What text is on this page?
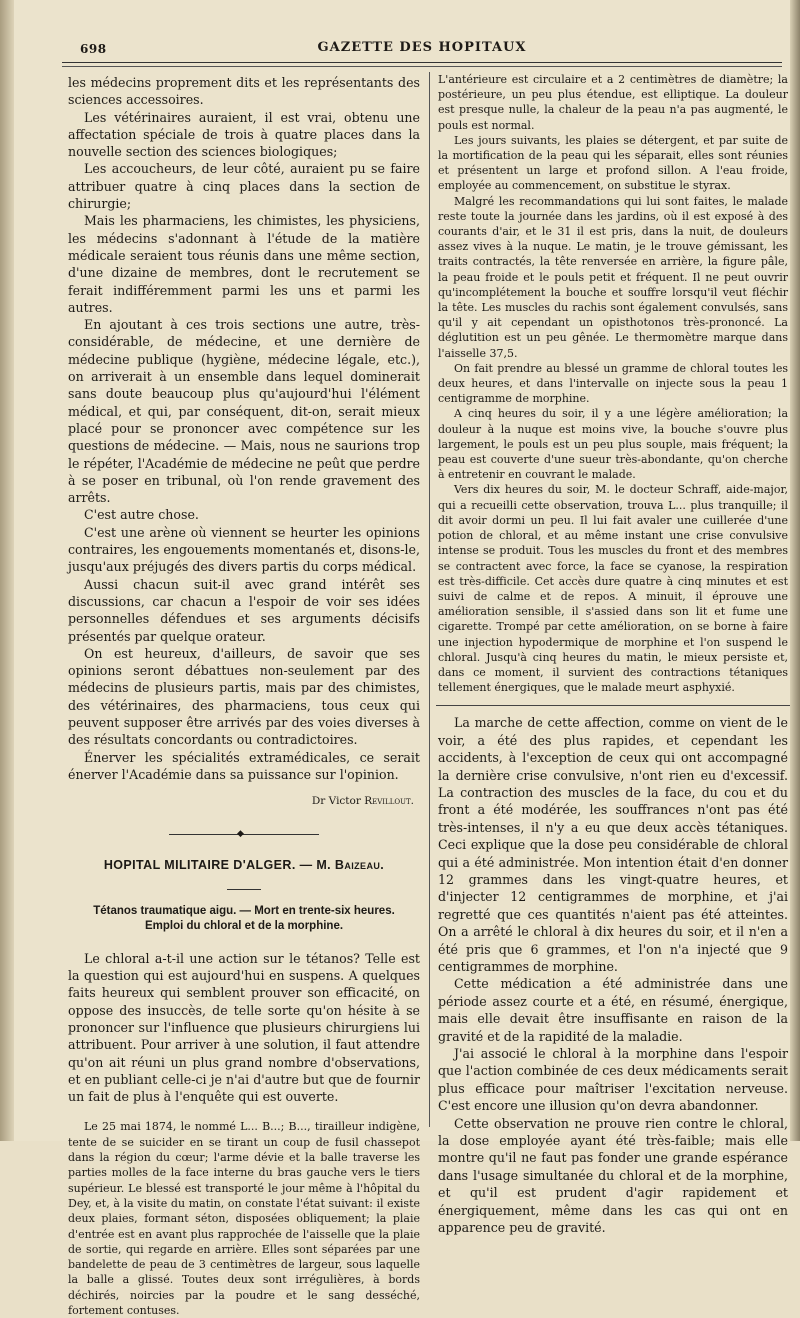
698	GAZETTE DES HOPITAUX

les médecins proprement dits et les représentants des sciences accessoires.

Les vétérinaires auraient, il est vrai, obtenu une affectation spéciale de trois à quatre places dans la nouvelle section des sciences biologiques;

Les accoucheurs, de leur côté, auraient pu se faire attribuer quatre à cinq places dans la section de chirurgie;

Mais les pharmaciens, les chimistes, les physiciens, les médecins s'adonnant à l'étude de la matière médicale seraient tous réunis dans une même section, d'une dizaine de membres, dont le recrutement se ferait indifféremment parmi les uns et parmi les autres.

En ajoutant à ces trois sections une autre, très-considérable, de médecine, et une dernière de médecine publique (hygiène, médecine légale, etc.), on arriverait à un ensemble dans lequel dominerait sans doute beaucoup plus qu'aujourd'hui l'élément médical, et qui, par conséquent, dit-on, serait mieux placé pour se prononcer avec compétence sur les questions de médecine. — Mais, nous ne saurions trop le répéter, l'Académie de médecine ne peût que perdre à se poser en tribunal, où l'on rende gravement des arrêts.

C'est autre chose.

C'est une arène où viennent se heurter les opinions contraires, les engouements momentanés et, disons-le, jusqu'aux préjugés des divers partis du corps médical.

Aussi chacun suit-il avec grand intérêt ses discussions, car chacun a l'espoir de voir ses idées personnelles défendues et ses arguments décisifs présentés par quelque orateur.

On est heureux, d'ailleurs, de savoir que ses opinions seront débattues non-seulement par des médecins de plusieurs partis, mais par des chimistes, des vétérinaires, des pharmaciens, tous ceux qui peuvent supposer être arrivés par des voies diverses à des résultats concordants ou contradictoires.

Énerver les spécialités extramédicales, ce serait énerver l'Académie dans sa puissance sur l'opinion.

Dr Victor Revillout.

◆

HOPITAL MILITAIRE D'ALGER. — M. Baizeau.

Tétanos traumatique aigu. — Mort en trente-six heures.
Emploi du chloral et de la morphine.

Le chloral a-t-il une action sur le tétanos? Telle est la question qui est aujourd'hui en suspens. A quelques faits heureux qui semblent prouver son efficacité, on oppose des insuccès, de telle sorte qu'on hésite à se prononcer sur l'influence que plusieurs chirurgiens lui attribuent. Pour arriver à une solution, il faut attendre qu'on ait réuni un plus grand nombre d'observations, et en publiant celle-ci je n'ai d'autre but que de fournir un fait de plus à l'enquête qui est ouverte.

Le 25 mai 1874, le nommé L... B...; B..., tirailleur indigène, tente de se suicider en se tirant un coup de fusil chassepot dans la région du cœur; l'arme dévie et la balle traverse les parties molles de la face interne du bras gauche vers le tiers supérieur. Le blessé est transporté le jour même à l'hôpital du Dey, et, à la visite du matin, on constate l'état suivant: il existe deux plaies, formant séton, disposées obliquement; la plaie d'entrée est en avant plus rapprochée de l'aisselle que la plaie de sortie, qui regarde en arrière. Elles sont séparées par une bandelette de peau de 3 centimètres de largeur, sous laquelle la balle a glissé. Toutes deux sont irrégulières, à bords déchirés, noircies par la poudre et le sang desséché, fortement contuses.

L'antérieure est circulaire et a 2 centimètres de diamètre; la postérieure, un peu plus étendue, est elliptique. La douleur est presque nulle, la chaleur de la peau n'a pas augmenté, le pouls est normal.

Les jours suivants, les plaies se détergent, et par suite de la mortification de la peau qui les séparait, elles sont réunies et présentent un large et profond sillon. A l'eau froide, employée au commencement, on substitue le styrax.

Malgré les recommandations qui lui sont faites, le malade reste toute la journée dans les jardins, où il est exposé à des courants d'air, et le 31 il est pris, dans la nuit, de douleurs assez vives à la nuque. Le matin, je le trouve gémissant, les traits contractés, la tête renversée en arrière, la figure pâle, la peau froide et le pouls petit et fréquent. Il ne peut ouvrir qu'incomplétement la bouche et souffre lorsqu'il veut fléchir la tête. Les muscles du rachis sont également convulsés, sans qu'il y ait cependant un opisthotonos très-prononcé. La déglutition est un peu gênée. Le thermomètre marque dans l'aisselle 37,5.

On fait prendre au blessé un gramme de chloral toutes les deux heures, et dans l'intervalle on injecte sous la peau 1 centigramme de morphine.

A cinq heures du soir, il y a une légère amélioration; la douleur à la nuque est moins vive, la bouche s'ouvre plus largement, le pouls est un peu plus souple, mais fréquent; la peau est couverte d'une sueur très-abondante, qu'on cherche à entretenir en couvrant le malade.

Vers dix heures du soir, M. le docteur Schraff, aide-major, qui a recueilli cette observation, trouva L... plus tranquille; il dit avoir dormi un peu. Il lui fait avaler une cuillerée d'une potion de chloral, et au même instant une crise convulsive intense se produit. Tous les muscles du front et des membres se contractent avec force, la face se cyanose, la respiration est très-difficile. Cet accès dure quatre à cinq minutes et est suivi de calme et de repos. A minuit, il éprouve une amélioration sensible, il s'assied dans son lit et fume une cigarette. Trompé par cette amélioration, on se borne à faire une injection hypodermique de morphine et l'on suspend le chloral. Jusqu'à cinq heures du matin, le mieux persiste et, dans ce moment, il survient des contractions tétaniques tellement énergiques, que le malade meurt asphyxié.

La marche de cette affection, comme on vient de le voir, a été des plus rapides, et cependant les accidents, à l'exception de ceux qui ont accompagné la dernière crise convulsive, n'ont rien eu d'excessif. La contraction des muscles de la face, du cou et du front a été modérée, les souffrances n'ont pas été très-intenses, il n'y a eu que deux accès tétaniques. Ceci explique que la dose peu considérable de chloral qui a été administrée. Mon intention était d'en donner 12 grammes dans les vingt-quatre heures, et d'injecter 12 centigrammes de morphine, et j'ai regretté que ces quantités n'aient pas été atteintes. On a arrêté le chloral à dix heures du soir, et il n'en a été pris que 6 grammes, et l'on n'a injecté que 9 centigrammes de morphine.

Cette médication a été administrée dans une période assez courte et a été, en résumé, énergique, mais elle devait être insuffisante en raison de la gravité et de la rapidité de la maladie.

J'ai associé le chloral à la morphine dans l'espoir que l'action combinée de ces deux médicaments serait plus efficace pour maîtriser l'excitation nerveuse. C'est encore une illusion qu'on devra abandonner.

Cette observation ne prouve rien contre le chloral, la dose employée ayant été très-faible; mais elle montre qu'il ne faut pas fonder une grande espérance dans l'usage simultanée du chloral et de la morphine, et qu'il est prudent d'agir rapidement et énergiquement, même dans les cas qui ont en apparence peu de gravité.
